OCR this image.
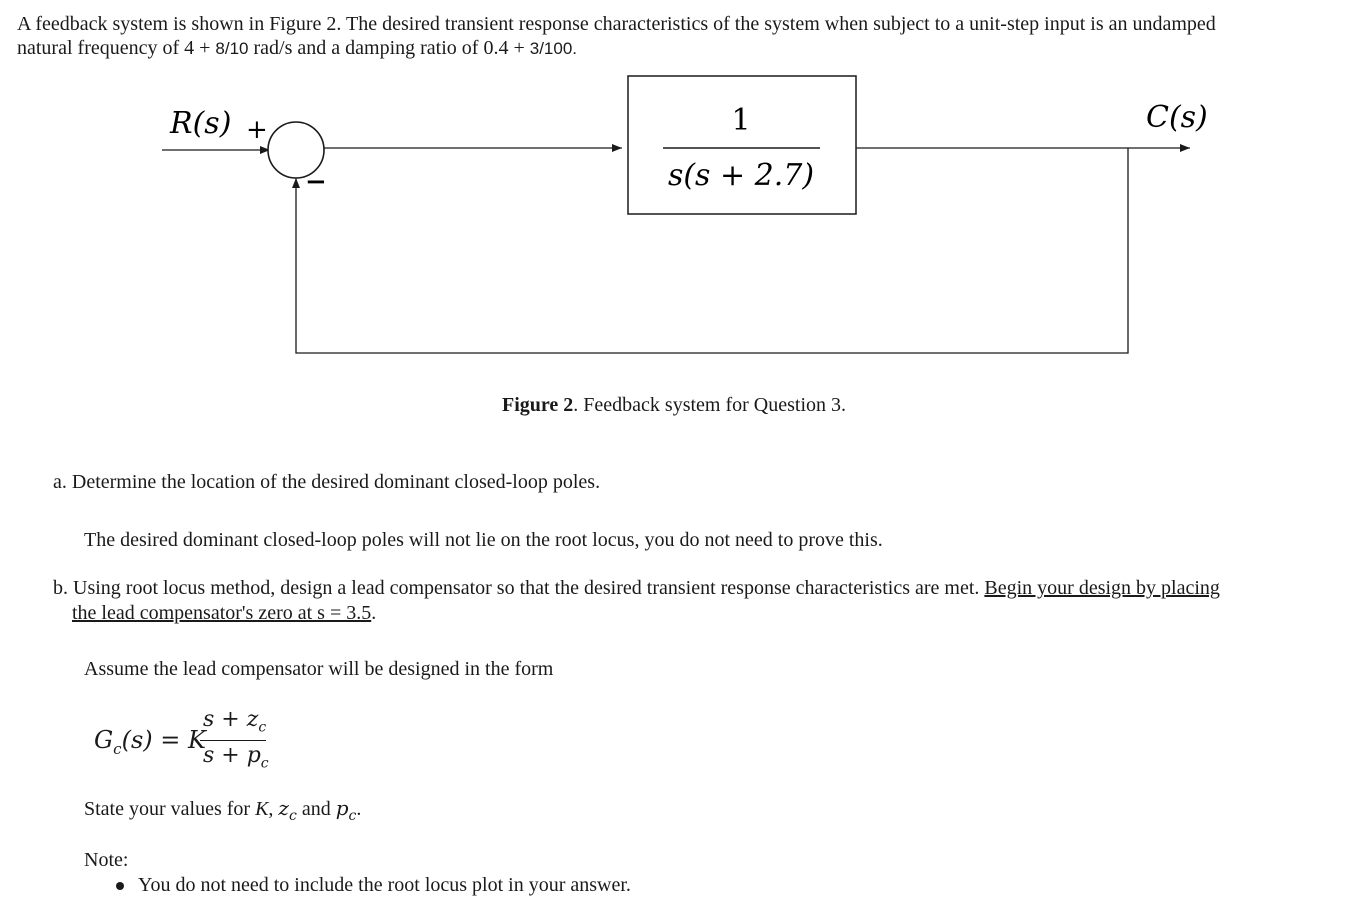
A feedback system is shown in Figure 2. The desired transient response characteristics of the system when subject to a unit-step input is an undamped
natural frequency of 4 + 8/10 rad/s and a damping ratio of 0.4 + 3/100.
1
s(s + 2.7)
R(s) +
−
C(s)
Figure 2. Feedback system for Question 3.
a. Determine the location of the desired dominant closed-loop poles.
The desired dominant closed-loop poles will not lie on the root locus, you do not need to prove this.
b. Using root locus method, design a lead compensator so that the desired transient response characteristics are met. Begin your design by placing
the lead compensator's zero at s = 3.5.
Assume the lead compensator will be designed in the form
$G_c(s) = K$
$s + z_c$
$s + p_c$
State your values for K, $z_c$ and $p_c$.
Note:
You do not need to include the root locus plot in your answer.
